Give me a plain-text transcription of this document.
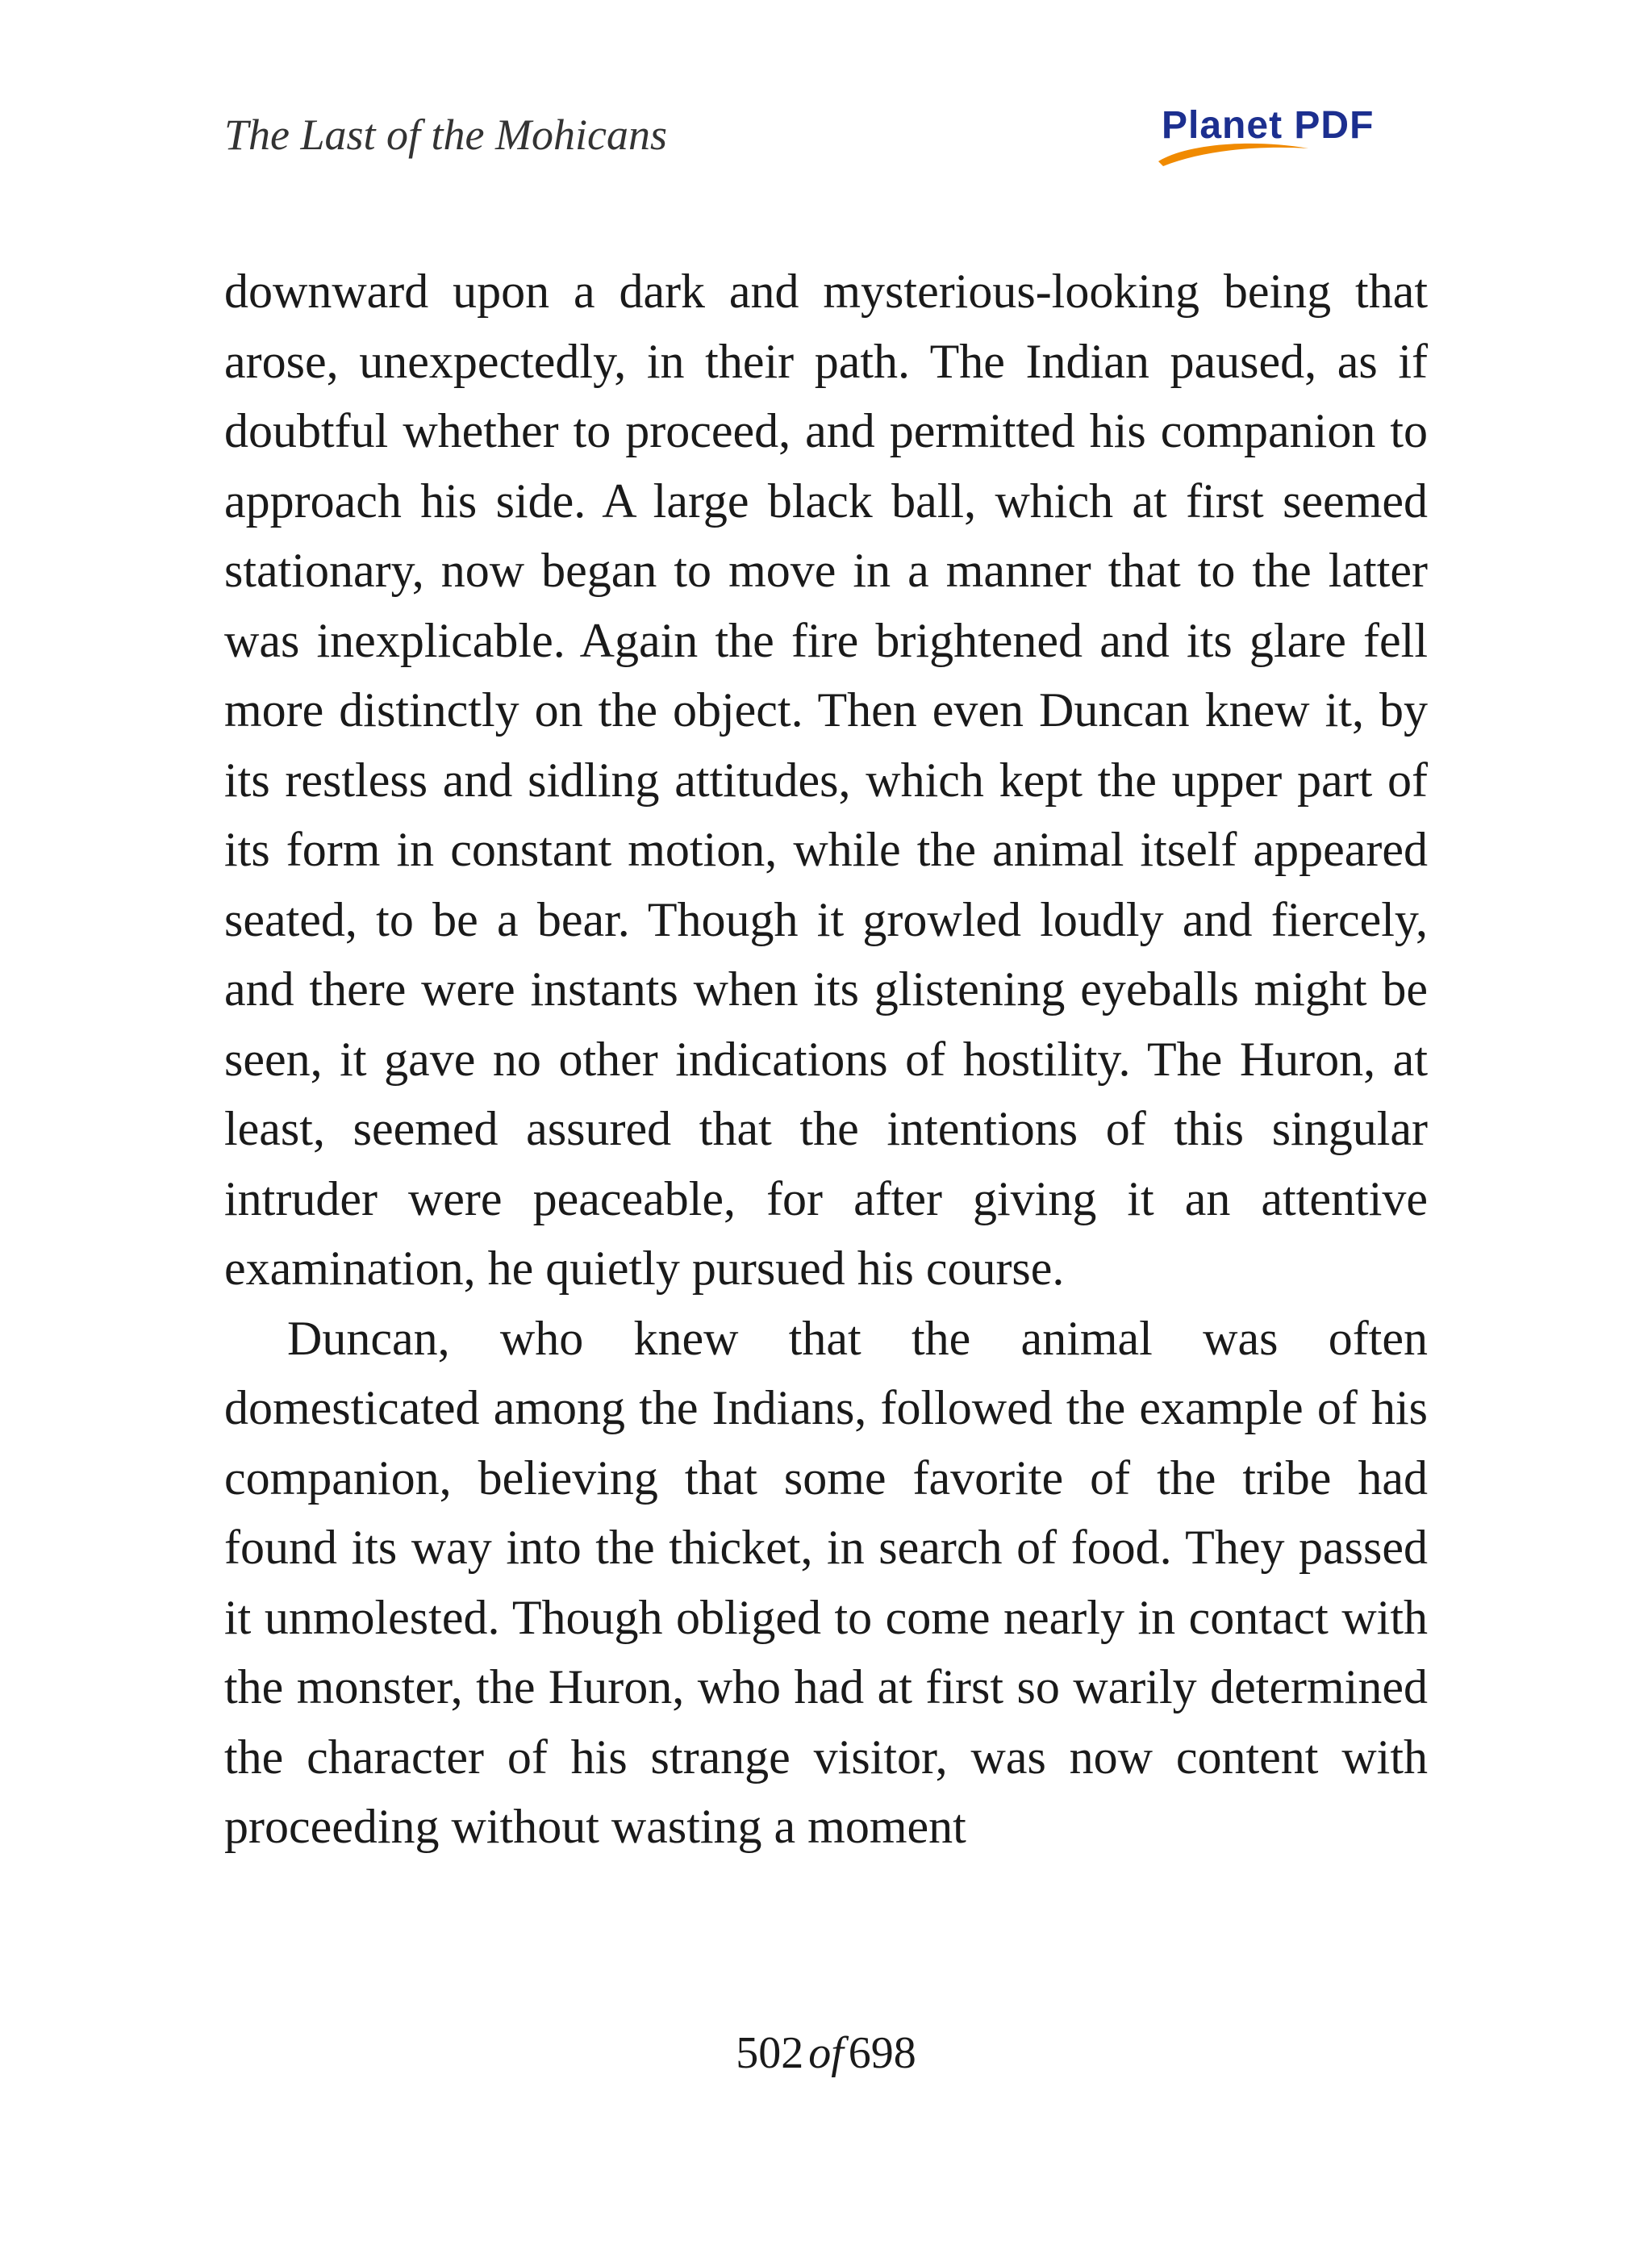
The Last of the Mohicans	Planet PDF

downward upon a dark and mysterious-looking being that arose, unexpectedly, in their path. The Indian paused, as if doubtful whether to proceed, and permitted his companion to approach his side. A large black ball, which at first seemed stationary, now began to move in a manner that to the latter was inexplicable. Again the fire brightened and its glare fell more distinctly on the object. Then even Duncan knew it, by its restless and sidling attitudes, which kept the upper part of its form in constant motion, while the animal itself appeared seated, to be a bear. Though it growled loudly and fiercely, and there were instants when its glistening eyeballs might be seen, it gave no other indications of hostility. The Huron, at least, seemed assured that the intentions of this singular intruder were peaceable, for after giving it an attentive examination, he quietly pursued his course.

Duncan, who knew that the animal was often domesticated among the Indians, followed the example of his companion, believing that some favorite of the tribe had found its way into the thicket, in search of food. They passed it unmolested. Though obliged to come nearly in contact with the monster, the Huron, who had at first so warily determined the character of his strange visitor, was now content with proceeding without wasting a moment

502 of 698
